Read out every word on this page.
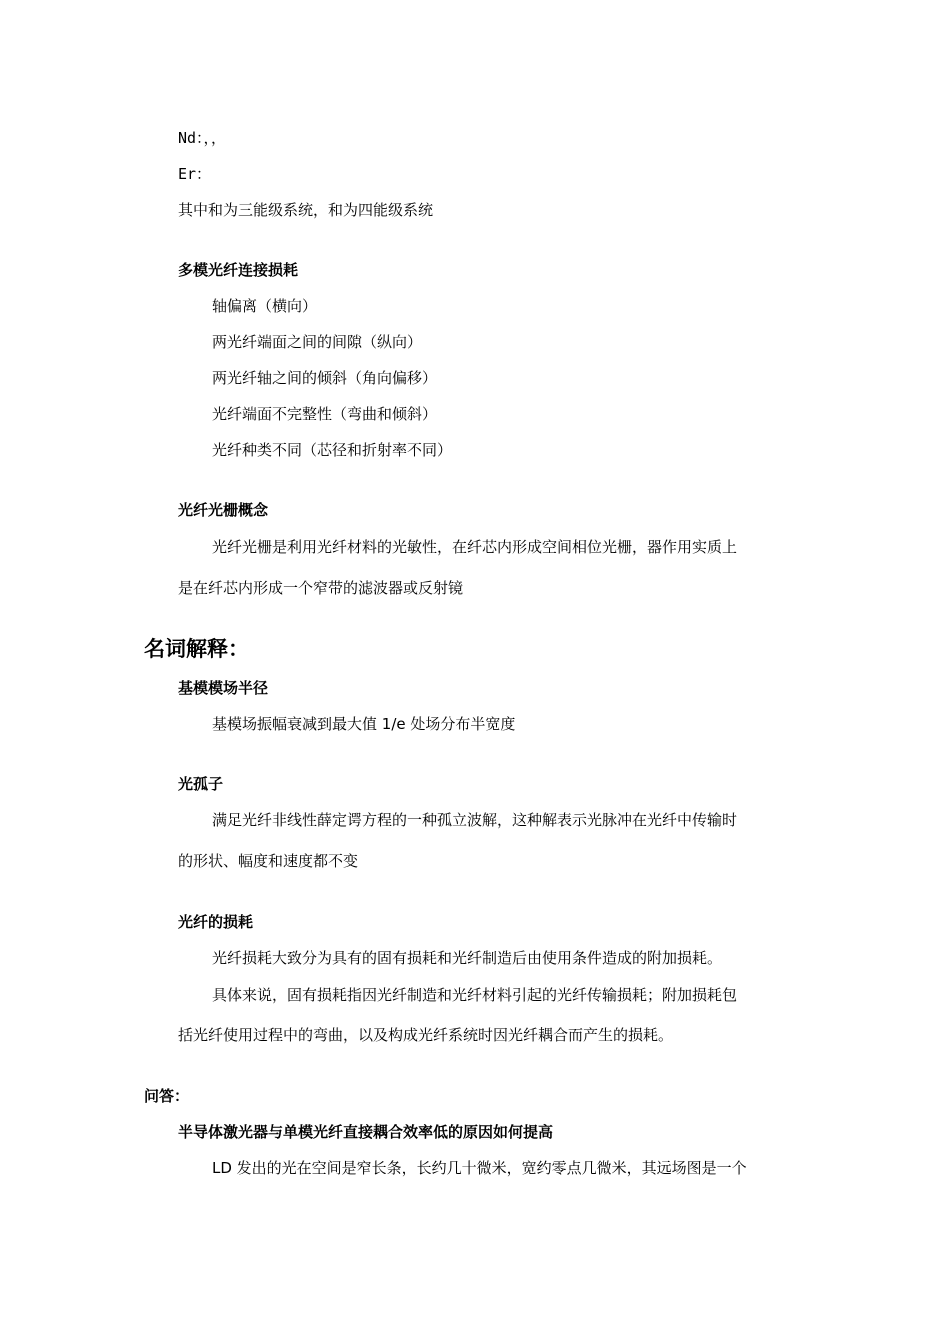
Nd：，，
Er：
其中和为三能级系统，和为四能级系统
多模光纤连接损耗
轴偏离（横向）
两光纤端面之间的间隙（纵向）
两光纤轴之间的倾斜（角向偏移）
光纤端面不完整性（弯曲和倾斜）
光纤种类不同（芯径和折射率不同）
光纤光栅概念
光纤光栅是利用光纤材料的光敏性，在纤芯内形成空间相位光栅，器作用实质上
是在纤芯内形成一个窄带的滤波器或反射镜
名词解释：
基模模场半径
基模场振幅衰减到最大值 1/e 处场分布半宽度
光孤子
满足光纤非线性薛定谔方程的一种孤立波解，这种解表示光脉冲在光纤中传输时
的形状、幅度和速度都不变
光纤的损耗
光纤损耗大致分为具有的固有损耗和光纤制造后由使用条件造成的附加损耗。
具体来说，固有损耗指因光纤制造和光纤材料引起的光纤传输损耗；附加损耗包
括光纤使用过程中的弯曲，以及构成光纤系统时因光纤耦合而产生的损耗。
问答：
半导体激光器与单模光纤直接耦合效率低的原因如何提高
LD 发出的光在空间是窄长条，长约几十微米，宽约零点几微米，其远场图是一个
